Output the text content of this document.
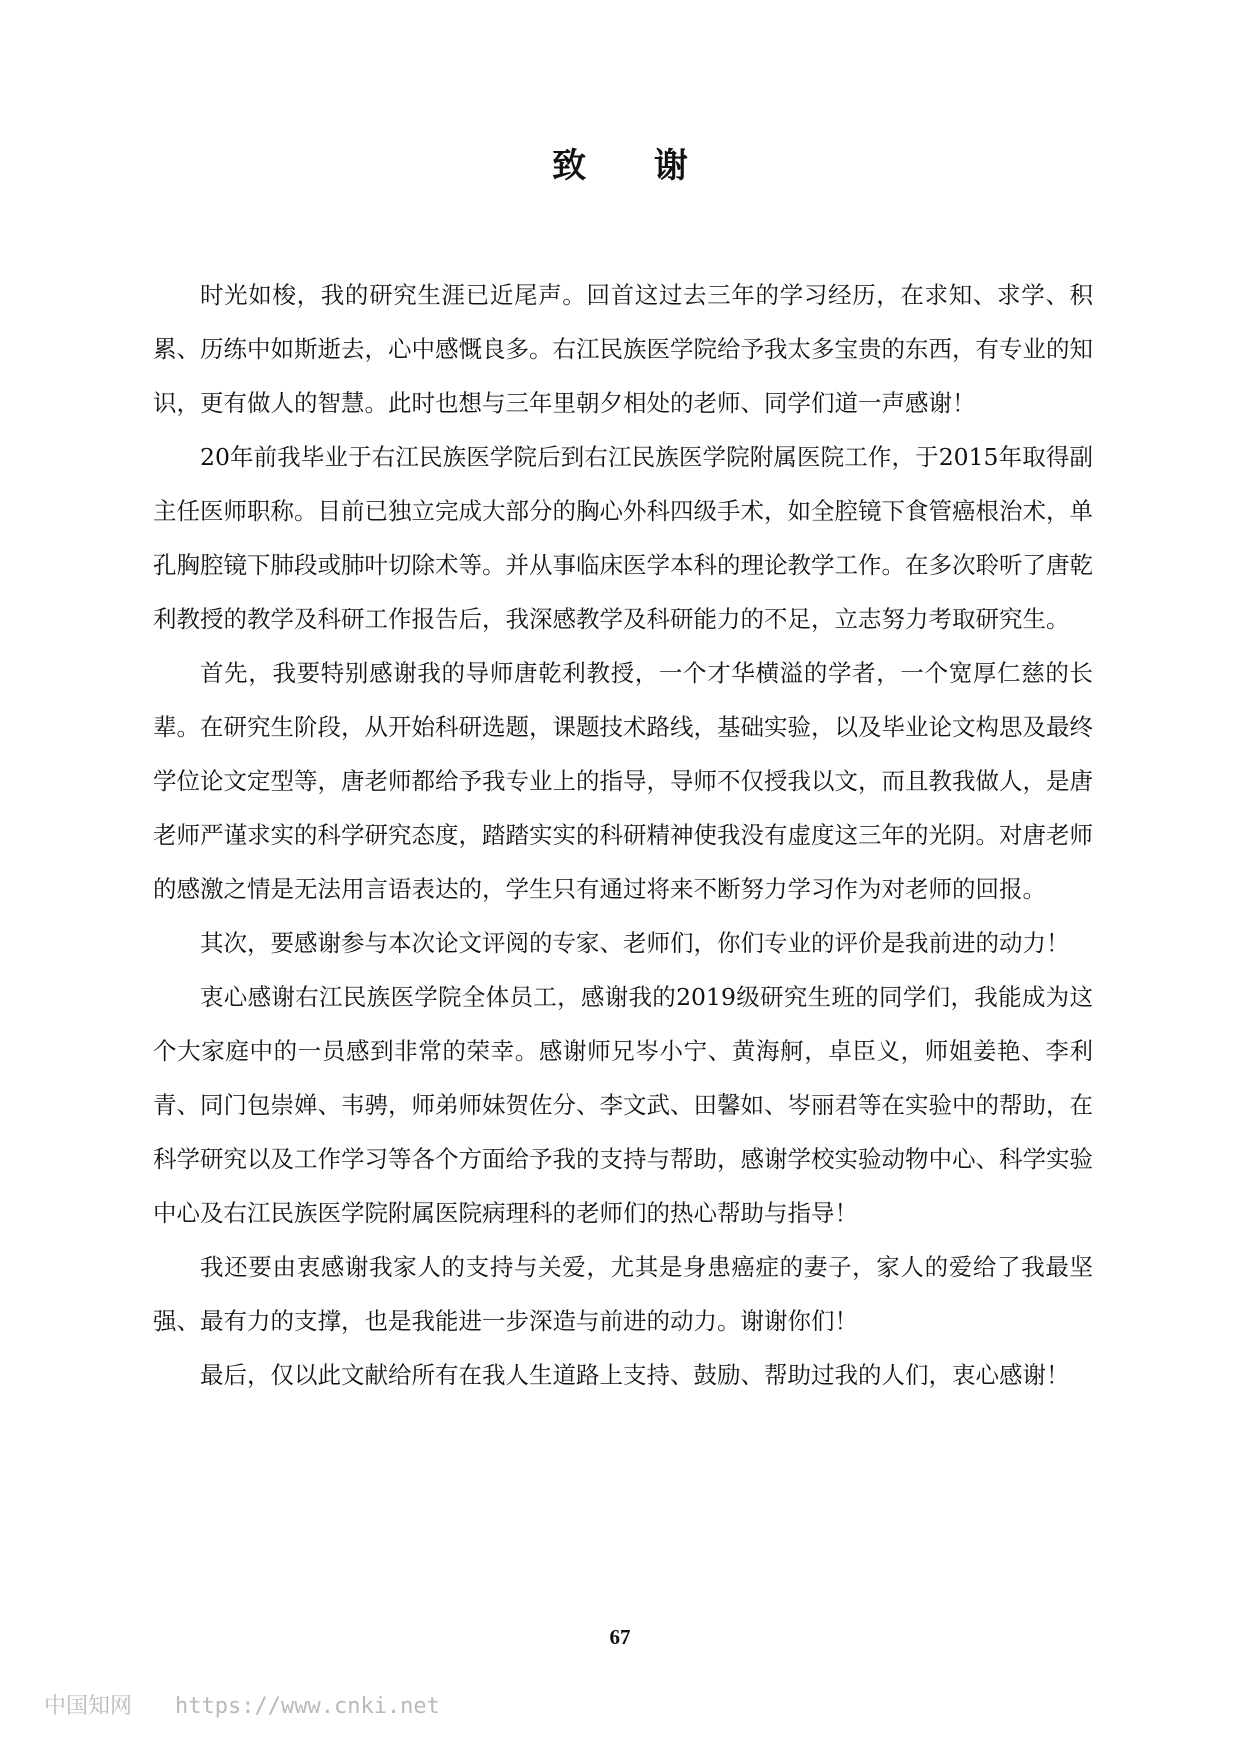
致 谢

时光如梭，我的研究生涯已近尾声。回首这过去三年的学习经历，在求知、求学、积累、历练中如斯逝去，心中感慨良多。右江民族医学院给予我太多宝贵的东西，有专业的知识，更有做人的智慧。此时也想与三年里朝夕相处的老师、同学们道一声感谢！

20年前我毕业于右江民族医学院后到右江民族医学院附属医院工作，于2015年取得副主任医师职称。目前已独立完成大部分的胸心外科四级手术，如全腔镜下食管癌根治术，单孔胸腔镜下肺段或肺叶切除术等。并从事临床医学本科的理论教学工作。在多次聆听了唐乾利教授的教学及科研工作报告后，我深感教学及科研能力的不足，立志努力考取研究生。

首先，我要特别感谢我的导师唐乾利教授，一个才华横溢的学者，一个宽厚仁慈的长辈。在研究生阶段，从开始科研选题，课题技术路线，基础实验，以及毕业论文构思及最终学位论文定型等，唐老师都给予我专业上的指导，导师不仅授我以文，而且教我做人，是唐老师严谨求实的科学研究态度，踏踏实实的科研精神使我没有虚度这三年的光阴。对唐老师的感激之情是无法用言语表达的，学生只有通过将来不断努力学习作为对老师的回报。

其次，要感谢参与本次论文评阅的专家、老师们，你们专业的评价是我前进的动力！

衷心感谢右江民族医学院全体员工，感谢我的2019级研究生班的同学们，我能成为这个大家庭中的一员感到非常的荣幸。感谢师兄岑小宁、黄海舸，卓臣义，师姐姜艳、李利青、同门包崇婵、韦骋，师弟师妹贺佐分、李文武、田馨如、岑丽君等在实验中的帮助，在科学研究以及工作学习等各个方面给予我的支持与帮助，感谢学校实验动物中心、科学实验中心及右江民族医学院附属医院病理科的老师们的热心帮助与指导！

我还要由衷感谢我家人的支持与关爱，尤其是身患癌症的妻子，家人的爱给了我最坚强、最有力的支撑，也是我能进一步深造与前进的动力。谢谢你们！

最后，仅以此文献给所有在我人生道路上支持、鼓励、帮助过我的人们，衷心感谢！

67
中国知网 https://www.cnki.net
